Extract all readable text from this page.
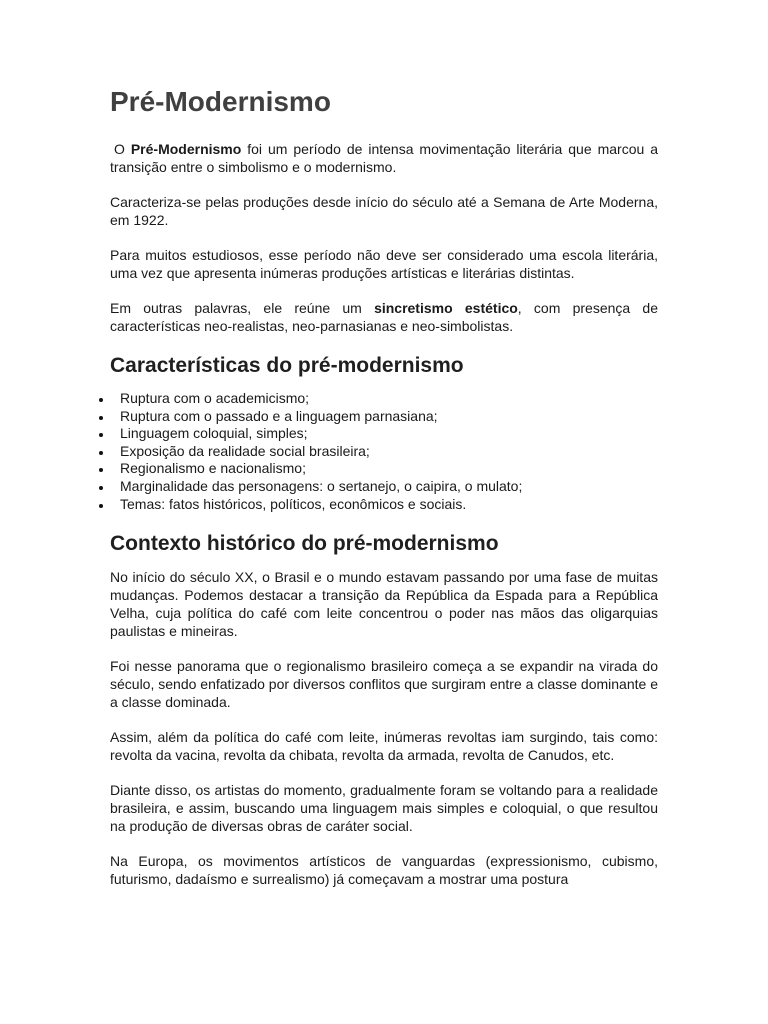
Pré-Modernismo

O Pré-Modernismo foi um período de intensa movimentação literária que marcou a transição entre o simbolismo e o modernismo.

Caracteriza-se pelas produções desde início do século até a Semana de Arte Moderna, em 1922.

Para muitos estudiosos, esse período não deve ser considerado uma escola literária, uma vez que apresenta inúmeras produções artísticas e literárias distintas.

Em outras palavras, ele reúne um sincretismo estético, com presença de características neo-realistas, neo-parnasianas e neo-simbolistas.

Características do pré-modernismo
Ruptura com o academicismo;
Ruptura com o passado e a linguagem parnasiana;
Linguagem coloquial, simples;
Exposição da realidade social brasileira;
Regionalismo e nacionalismo;
Marginalidade das personagens: o sertanejo, o caipira, o mulato;
Temas: fatos históricos, políticos, econômicos e sociais.
Contexto histórico do pré-modernismo

No início do século XX, o Brasil e o mundo estavam passando por uma fase de muitas mudanças. Podemos destacar a transição da República da Espada para a República Velha, cuja política do café com leite concentrou o poder nas mãos das oligarquias paulistas e mineiras.

Foi nesse panorama que o regionalismo brasileiro começa a se expandir na virada do século, sendo enfatizado por diversos conflitos que surgiram entre a classe dominante e a classe dominada.

Assim, além da política do café com leite, inúmeras revoltas iam surgindo, tais como: revolta da vacina, revolta da chibata, revolta da armada, revolta de Canudos, etc.

Diante disso, os artistas do momento, gradualmente foram se voltando para a realidade brasileira, e assim, buscando uma linguagem mais simples e coloquial, o que resultou na produção de diversas obras de caráter social.

Na Europa, os movimentos artísticos de vanguardas (expressionismo, cubismo, futurismo, dadaísmo e surrealismo) já começavam a mostrar uma postura
